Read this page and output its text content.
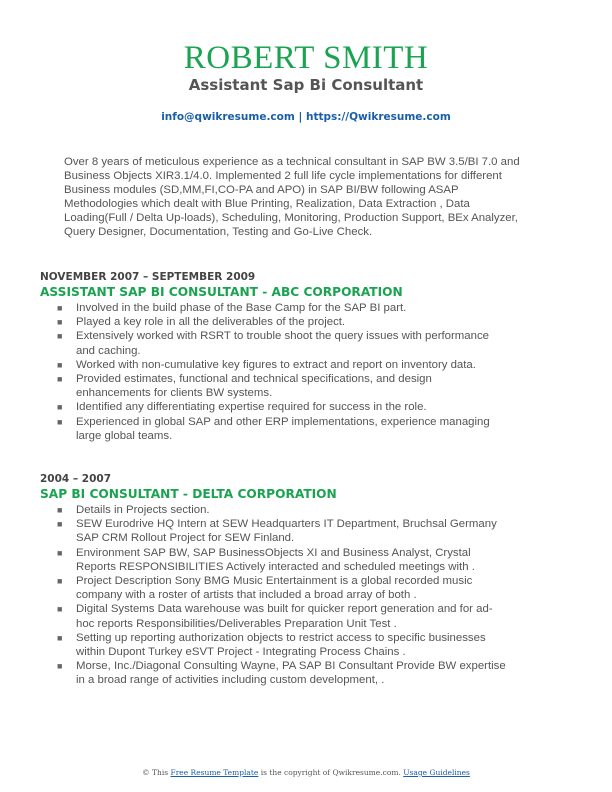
ROBERT SMITH
Assistant Sap Bi Consultant
info@qwikresume.com | https://Qwikresume.com
Over 8 years of meticulous experience as a technical consultant in SAP BW 3.5/BI 7.0 and Business Objects XIR3.1/4.0. Implemented 2 full life cycle implementations for different Business modules (SD,MM,FI,CO-PA and APO) in SAP BI/BW following ASAP Methodologies which dealt with Blue Printing, Realization, Data Extraction , Data Loading(Full / Delta Up-loads), Scheduling, Monitoring, Production Support, BEx Analyzer, Query Designer, Documentation, Testing and Go-Live Check.
NOVEMBER 2007 – SEPTEMBER 2009
ASSISTANT SAP BI CONSULTANT - ABC CORPORATION
■ Involved in the build phase of the Base Camp for the SAP BI part.
■ Played a key role in all the deliverables of the project.
■ Extensively worked with RSRT to trouble shoot the query issues with performance and caching.
■ Worked with non-cumulative key figures to extract and report on inventory data.
■ Provided estimates, functional and technical specifications, and design enhancements for clients BW systems.
■ Identified any differentiating expertise required for success in the role.
■ Experienced in global SAP and other ERP implementations, experience managing large global teams.
2004 – 2007
SAP BI CONSULTANT - DELTA CORPORATION
■ Details in Projects section.
■ SEW Eurodrive HQ Intern at SEW Headquarters IT Department, Bruchsal Germany SAP CRM Rollout Project for SEW Finland.
■ Environment SAP BW, SAP BusinessObjects XI and Business Analyst, Crystal Reports RESPONSIBILITIES Actively interacted and scheduled meetings with .
■ Project Description Sony BMG Music Entertainment is a global recorded music company with a roster of artists that included a broad array of both .
■ Digital Systems Data warehouse was built for quicker report generation and for ad-hoc reports Responsibilities/Deliverables Preparation Unit Test .
■ Setting up reporting authorization objects to restrict access to specific businesses within Dupont Turkey eSVT Project - Integrating Process Chains .
■ Morse, Inc./Diagonal Consulting Wayne, PA SAP BI Consultant Provide BW expertise in a broad range of activities including custom development, .
© This Free Resume Template is the copyright of Qwikresume.com. Usage Guidelines
